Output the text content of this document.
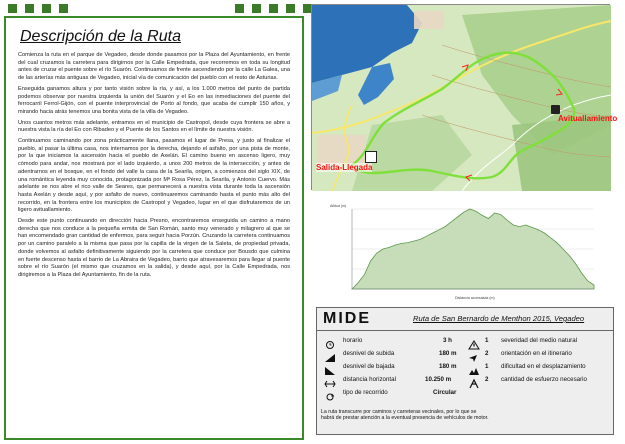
Descripción de la Ruta

Comienza la ruta en el parque de Vegadeo, desde donde pasamos por la Plaza del Ayuntamiento, en frente del cual cruzamos la carretera para dirigirnos por la Calle Empedrada, que recorremos en toda su longitud antes de cruzar el puente sobre el río Suarón. Continuamos de frente ascendiendo por la calle La Galea, una de las arterías más antiguas de Vegadeo, inicial vía de comunicación del pueblo con el resto de Asturias.

Enseguida ganamos altura y por tanto visión sobre la ría, y así, a los 1.000 metros del punto de partida podemos observar por nuestra izquierda la unión del Suarón y el Eo en las inmediaciones del puente del ferrocarril Ferrol-Gijón, con el puente interprovincial de Porto al fondo, que acaba de cumplir 150 años, y mirando hacia atrás tenemos una bonita vista de la villa de Vegadeo.

Unos cuantos metros más adelante, entramos en el municipio de Castropol, desde cuya frontera se abre a nuestra vista la ría del Eo con Ribadeo y el Puente de los Santos en el límite de nuestra visión.

Continuamos caminando por zona prácticamente llana, pasamos el lugar de Presa, y justo al finalizar el pueblo, al pasar la última casa, nos internamos por la derecha, dejando el asfalto, por una pista de monte, por la que iniciamos la ascensión hacia el pueblo de Axelán. El camino bueno en ascenso ligero, muy cómodo para andar, nos mostrará por el lado izquierdo, a unos 200 metros de la intersección, y antes de adentrarnos en el bosque, en el fondo del valle la casa de la Searila, origen, a comienzos del siglo XIX, de una romántica leyenda muy conocida, protagonizada por Mª Rosa Pérez, la Searila, y Antonio Cuervo. Más adelante se nos abre el rico valle de Seares, que permanecerá a nuestra vista durante toda la ascensión hasta Axelán y desde aquí, y por asfalto de nuevo, continuaremos caminando hasta el punto más alto del recorrido, en la frontera entre los municipios de Castropol y Vegadeo, lugar en el que disfrutaremos de un ligero avituallamiento.

Desde este punto continuando en dirección hacia Presno, encontraremos enseguida un camino a mano derecha que nos conduce a la pequeña ermita de San Román, santo muy venerado y milagrero al que se han encomendado gran cantidad de enfermos, para seguir hacia Porzún. Cruzando la carretera continuamos por un camino paralelo a la misma que pasa por la capilla de la virgen de la Saleta, de propiedad privada, donde volvemos al asfalto definitivamente siguiendo por la carretera que conduce por Bousdo que culmina en fuerte descenso hasta el barrio de La Abraira de Vegadeo, barrio que atravesaremos para llegar al puente sobre el río Suarón (el mismo que cruzamos en la salida), y desde aquí, por la Calle Empedrada, nos dirigiremos a la Plaza del Ayuntamiento, fin de la ruta.

Avituallamiento
Salida-Llegada
Altitud (m)
Distancia acumulada (m)
MIDE	Ruta de San Bernardo de Menthon 2015, Vegadeo
horario	3 h
desnivel de subida	180 m
desnivel de bajada	180 m
distancia horizontal	10.250 m
tipo de recorrido	Circular
1 severidad del medio natural
2 orientación en el itinerario
1 dificultad en el desplazamiento
2 cantidad de esfuerzo necesario
La ruta transcurre por caminos y carreteras vecinales, por lo que se habrá de prestar atención a la eventual presencia de vehículos de motor.
